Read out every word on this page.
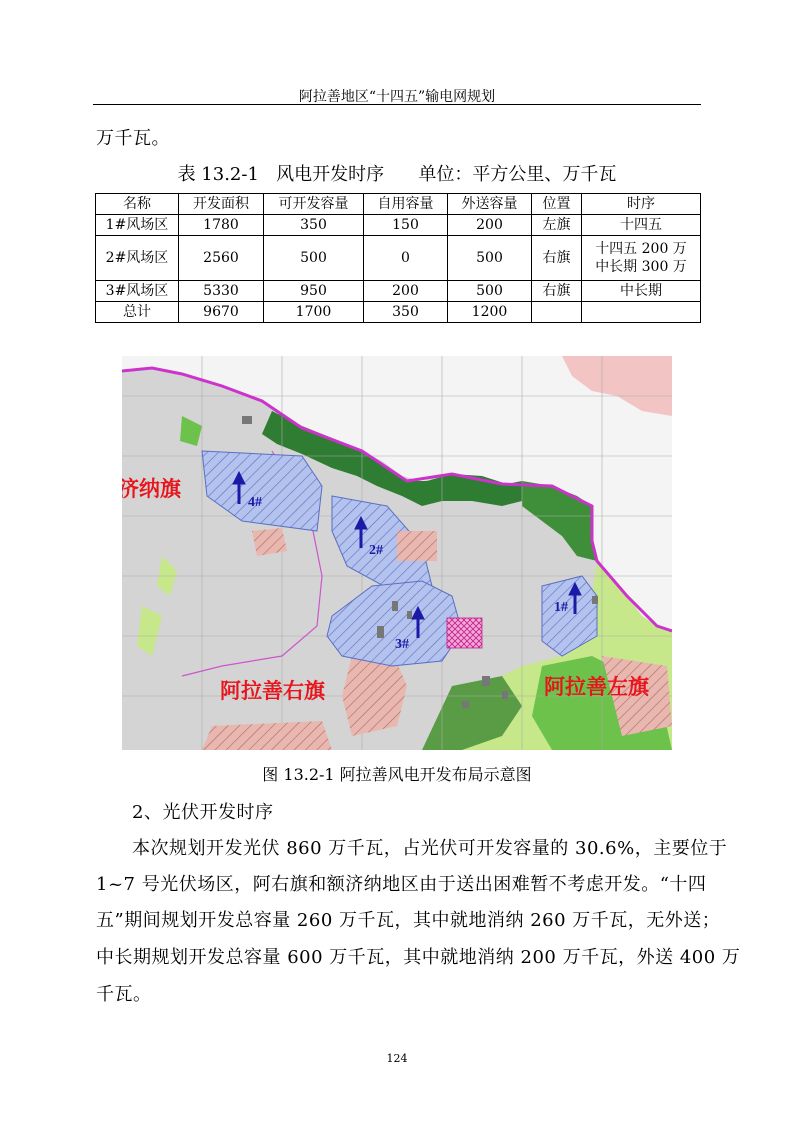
阿拉善地区“十四五”输电网规划
万千瓦。
表 13.2-1   风电开发时序      单位：平方公里、万千瓦
名称	开发面积	可开发容量	自用容量	外送容量	位置	时序
1#风场区	1780	350	150	200	左旗	十四五
2#风场区	2560	500	0	500	右旗	十四五 200 万
中长期 300 万

3#风场区	5330	950	200	500	右旗	中长期
总计	9670	1700	350	1200		
4#
2#
3#
1#
济纳旗
阿拉善右旗	阿拉善左旗
图 13.2-1 阿拉善风电开发布局示意图
2、光伏开发时序
本次规划开发光伏 860 万千瓦，占光伏可开发容量的 30.6%，主要位于
1~7 号光伏场区，阿右旗和额济纳地区由于送出困难暂不考虑开发。“十四
五”期间规划开发总容量 260 万千瓦，其中就地消纳 260 万千瓦，无外送；
中长期规划开发总容量 600 万千瓦，其中就地消纳 200 万千瓦，外送 400 万
千瓦。
124
